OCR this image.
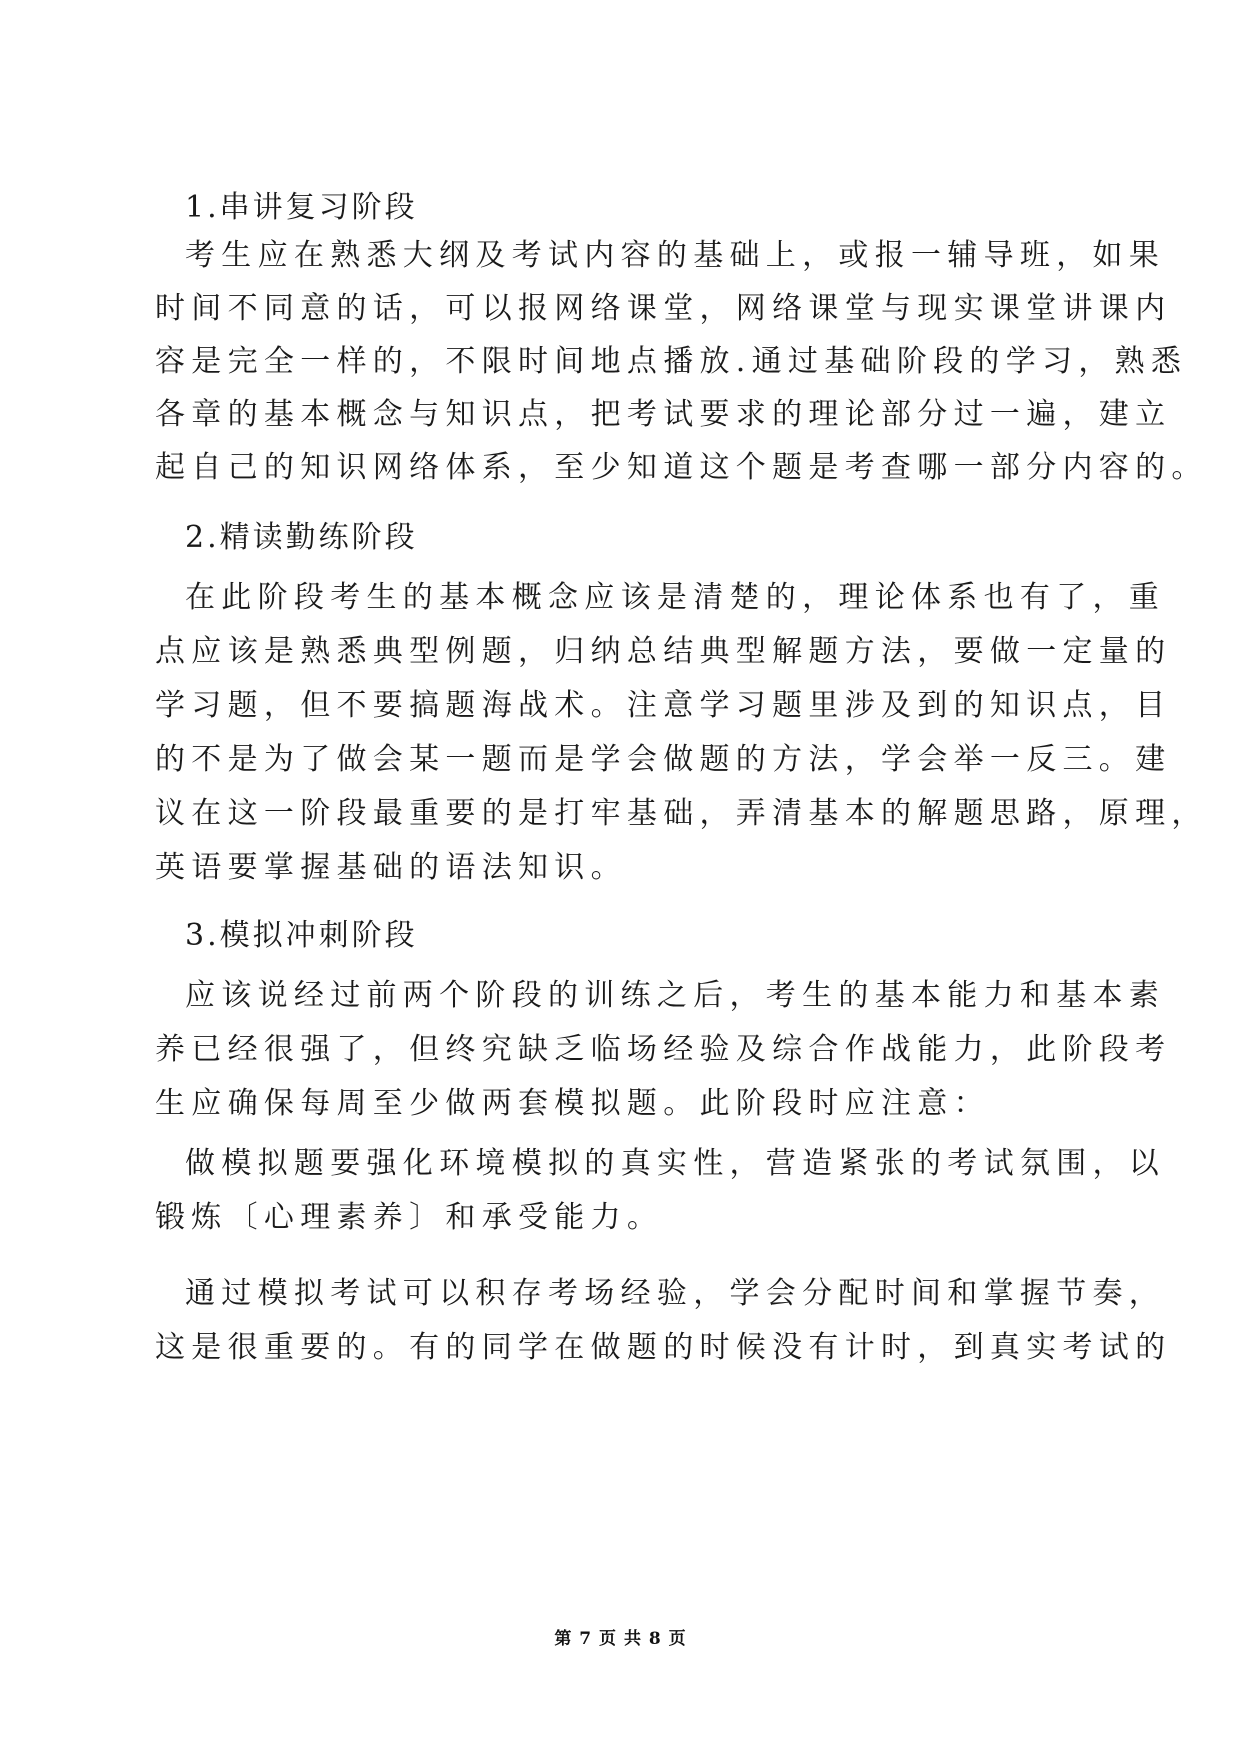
1.串讲复习阶段
考生应在熟悉大纲及考试内容的基础上，或报一辅导班，如果
时间不同意的话，可以报网络课堂，网络课堂与现实课堂讲课内
容是完全一样的，不限时间地点播放.通过基础阶段的学习，熟悉
各章的基本概念与知识点，把考试要求的理论部分过一遍，建立
起自己的知识网络体系，至少知道这个题是考查哪一部分内容的。
2.精读勤练阶段
在此阶段考生的基本概念应该是清楚的，理论体系也有了，重
点应该是熟悉典型例题，归纳总结典型解题方法，要做一定量的
学习题，但不要搞题海战术。注意学习题里涉及到的知识点，目
的不是为了做会某一题而是学会做题的方法，学会举一反三。建
议在这一阶段最重要的是打牢基础，弄清基本的解题思路，原理，
英语要掌握基础的语法知识。
3.模拟冲刺阶段
应该说经过前两个阶段的训练之后，考生的基本能力和基本素
养已经很强了，但终究缺乏临场经验及综合作战能力，此阶段考
生应确保每周至少做两套模拟题。此阶段时应注意：
做模拟题要强化环境模拟的真实性，营造紧张的考试氛围，以
锻炼〔心理素养〕和承受能力。
通过模拟考试可以积存考场经验，学会分配时间和掌握节奏，
这是很重要的。有的同学在做题的时候没有计时，到真实考试的
第 7 页 共 8 页
